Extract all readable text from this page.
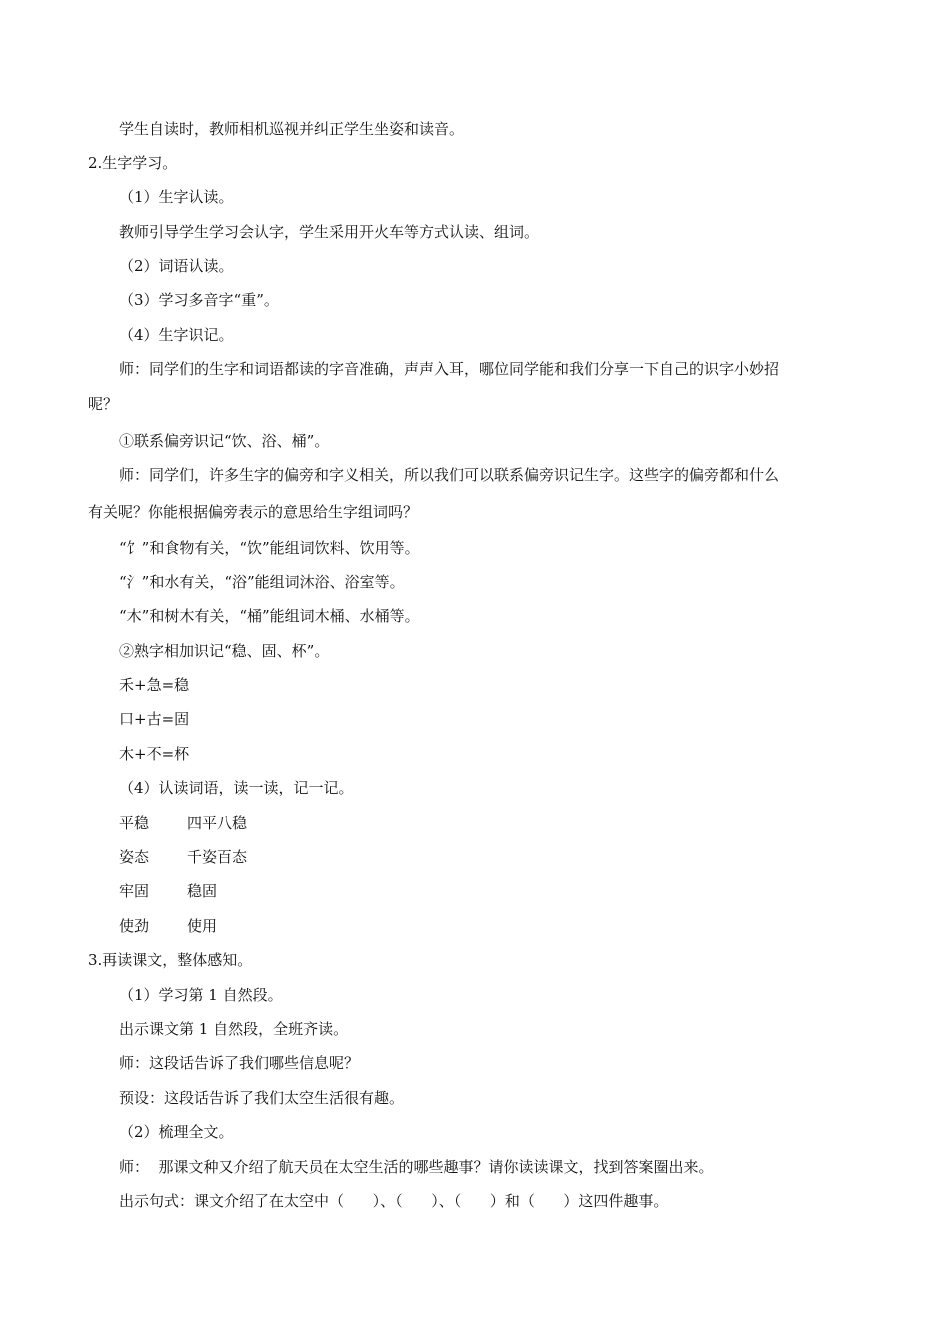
学生自读时，教师相机巡视并纠正学生坐姿和读音。
2.生字学习。
（1）生字认读。
教师引导学生学习会认字，学生采用开火车等方式认读、组词。
（2）词语认读。
（3）学习多音字“重”。
（4）生字识记。
师：同学们的生字和词语都读的字音准确，声声入耳，哪位同学能和我们分享一下自己的识字小妙招
呢？
①联系偏旁识记“饮、浴、桶”。
师：同学们，许多生字的偏旁和字义相关，所以我们可以联系偏旁识记生字。这些字的偏旁都和什么
有关呢？你能根据偏旁表示的意思给生字组词吗？
“饣”和食物有关，“饮”能组词饮料、饮用等。
“氵”和水有关，“浴”能组词沐浴、浴室等。
“木”和树木有关，“桶”能组词木桶、水桶等。
②熟字相加识记“稳、固、杯”。
禾+急=稳
口+古=固
木+不=杯
（4）认读词语，读一读，记一记。
平稳	四平八稳
姿态	千姿百态
牢固	稳固
使劲	使用
3.再读课文，整体感知。
（1）学习第 1 自然段。
出示课文第 1 自然段，全班齐读。
师：这段话告诉了我们哪些信息呢？
预设：这段话告诉了我们太空生活很有趣。
（2）梳理全文。
师：  那课文种又介绍了航天员在太空生活的哪些趣事？请你读读课文，找到答案圈出来。
出示句式：课文介绍了在太空中（      ）、（      ）、（      ）和（      ）这四件趣事。
